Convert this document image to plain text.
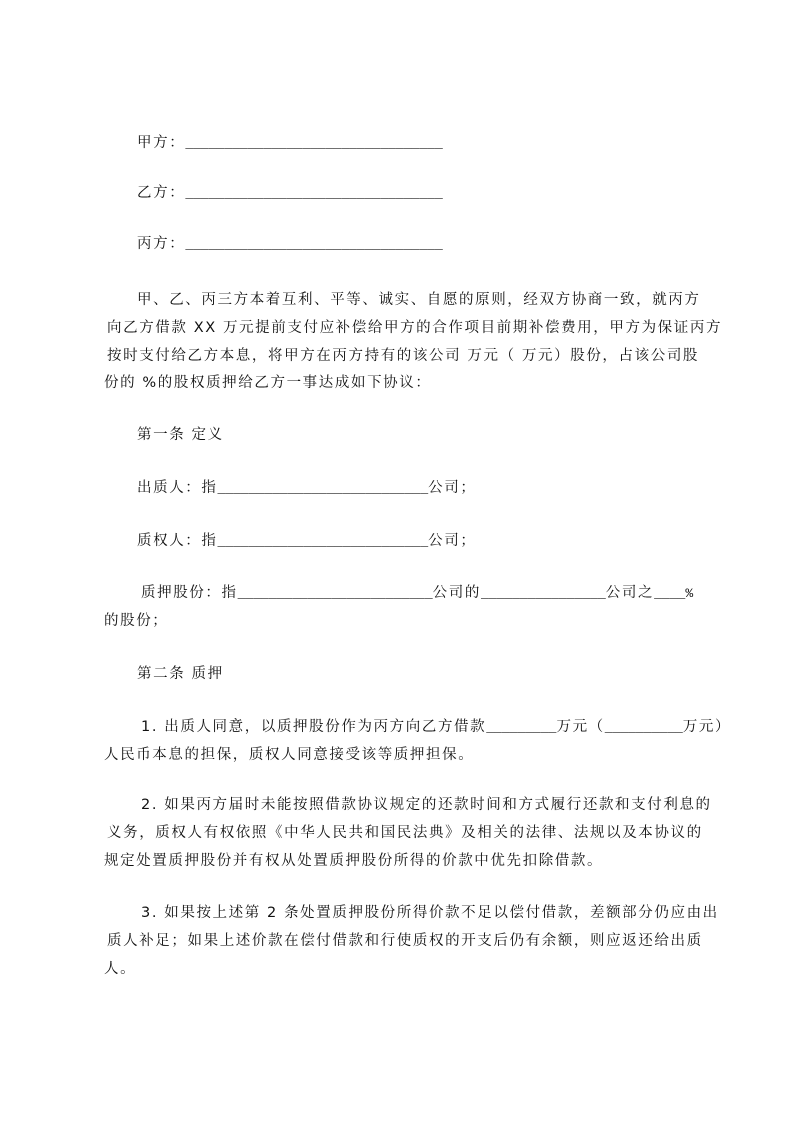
甲方：_________________________________
乙方：_________________________________
丙方：_________________________________
甲、乙、丙三方本着互利、平等、诚实、自愿的原则，经双方协商一致，就丙方
向乙方借款 XX 万元提前支付应补偿给甲方的合作项目前期补偿费用，甲方为保证丙方
按时支付给乙方本息，将甲方在丙方持有的该公司 万元（ 万元）股份，占该公司股
份的 %的股权质押给乙方一事达成如下协议：
第一条 定义
出质人：指___________________________公司；
质权人：指___________________________公司；
质押股份：指_________________________公司的________________公司之____%
的股份；
第二条 质押
1. 出质人同意，以质押股份作为丙方向乙方借款_________万元（__________万元）
人民币本息的担保，质权人同意接受该等质押担保。
2. 如果丙方届时未能按照借款协议规定的还款时间和方式履行还款和支付利息的
义务，质权人有权依照《中华人民共和国民法典》及相关的法律、法规以及本协议的
规定处置质押股份并有权从处置质押股份所得的价款中优先扣除借款。
3. 如果按上述第 2 条处置质押股份所得价款不足以偿付借款，差额部分仍应由出
质人补足；如果上述价款在偿付借款和行使质权的开支后仍有余额，则应返还给出质
人。
